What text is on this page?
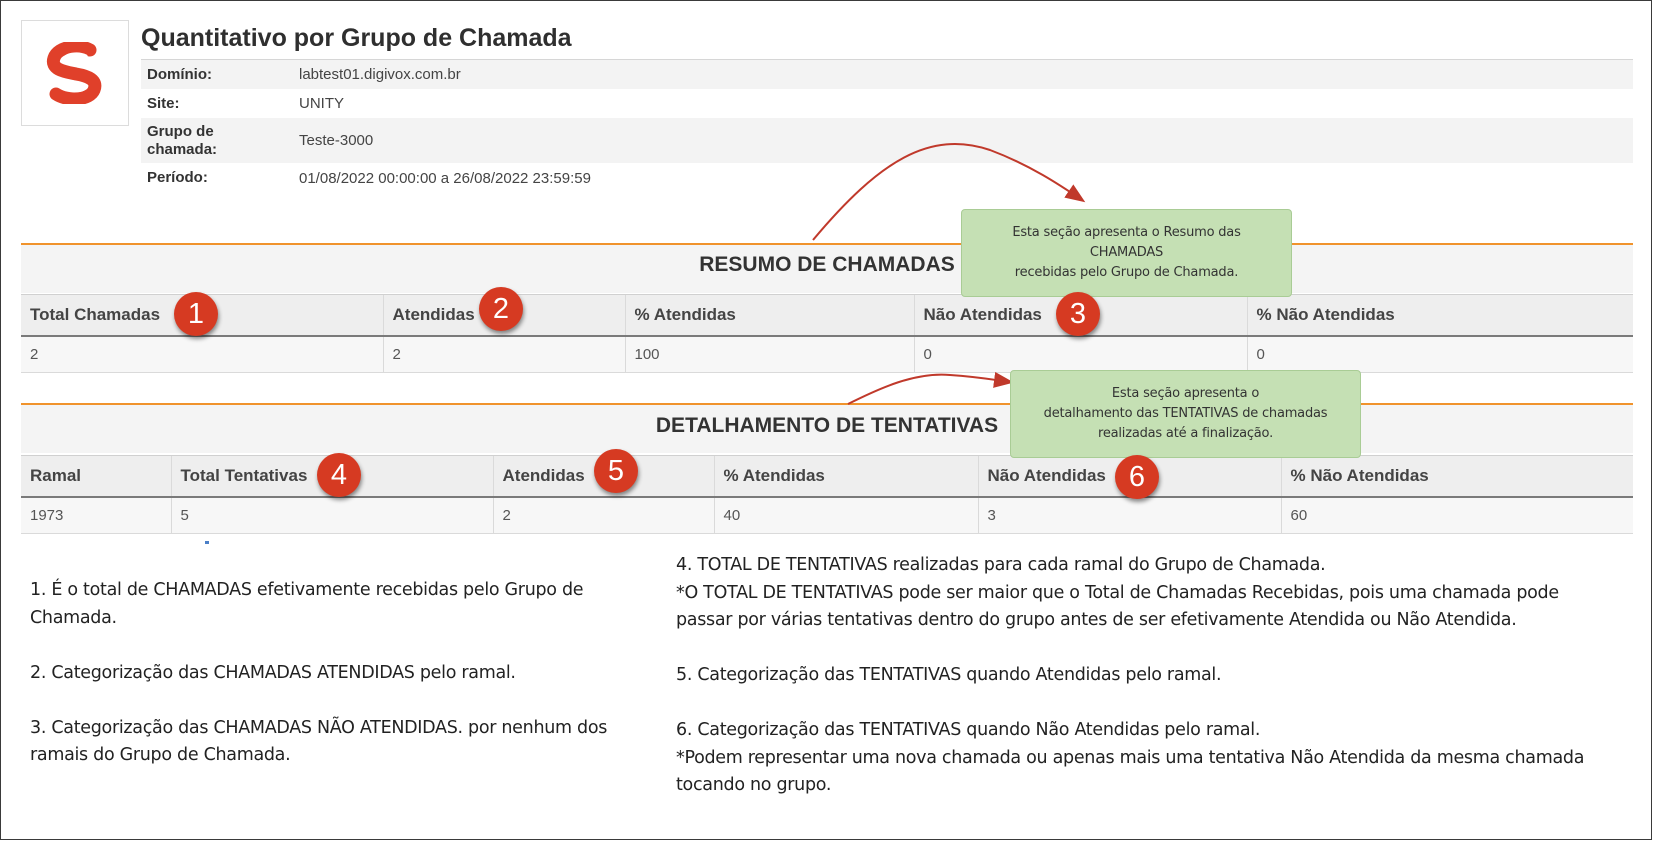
Quantitativo por Grupo de Chamada
Domínio:	labtest01.digivox.com.br
Site:	UNITY
Grupo de chamada:	Teste-3000
Período:	01/08/2022 00:00:00 a 26/08/2022 23:59:59
RESUMO DE CHAMADAS
Total Chamadas	Atendidas	% Atendidas	Não Atendidas	% Não Atendidas
2	2	100	0	0
DETALHAMENTO DE TENTATIVAS
Ramal	Total Tentativas	Atendidas	% Atendidas	Não Atendidas	% Não Atendidas
1973	5	2	40	3	60
Esta seção apresenta o Resumo das
CHAMADAS
recebidas pelo Grupo de Chamada.
Esta seção apresenta o
detalhamento das TENTATIVAS de chamadas
realizadas até a finalização.
1	2	3
4	5	6

1. É o total de CHAMADAS efetivamente recebidas pelo Grupo de Chamada.

2. Categorização das CHAMADAS ATENDIDAS pelo ramal.

3. Categorização das CHAMADAS NÃO ATENDIDAS. por nenhum dos ramais do Grupo de Chamada.

4. TOTAL DE TENTATIVAS realizadas para cada ramal do Grupo de Chamada.
*O TOTAL DE TENTATIVAS pode ser maior que o Total de Chamadas Recebidas, pois uma chamada pode passar por várias tentativas dentro do grupo antes de ser efetivamente Atendida ou Não Atendida.

5. Categorização das TENTATIVAS quando Atendidas pelo ramal.

6. Categorização das TENTATIVAS quando Não Atendidas pelo ramal.
*Podem representar uma nova chamada ou apenas mais uma tentativa Não Atendida da mesma chamada tocando no grupo.
